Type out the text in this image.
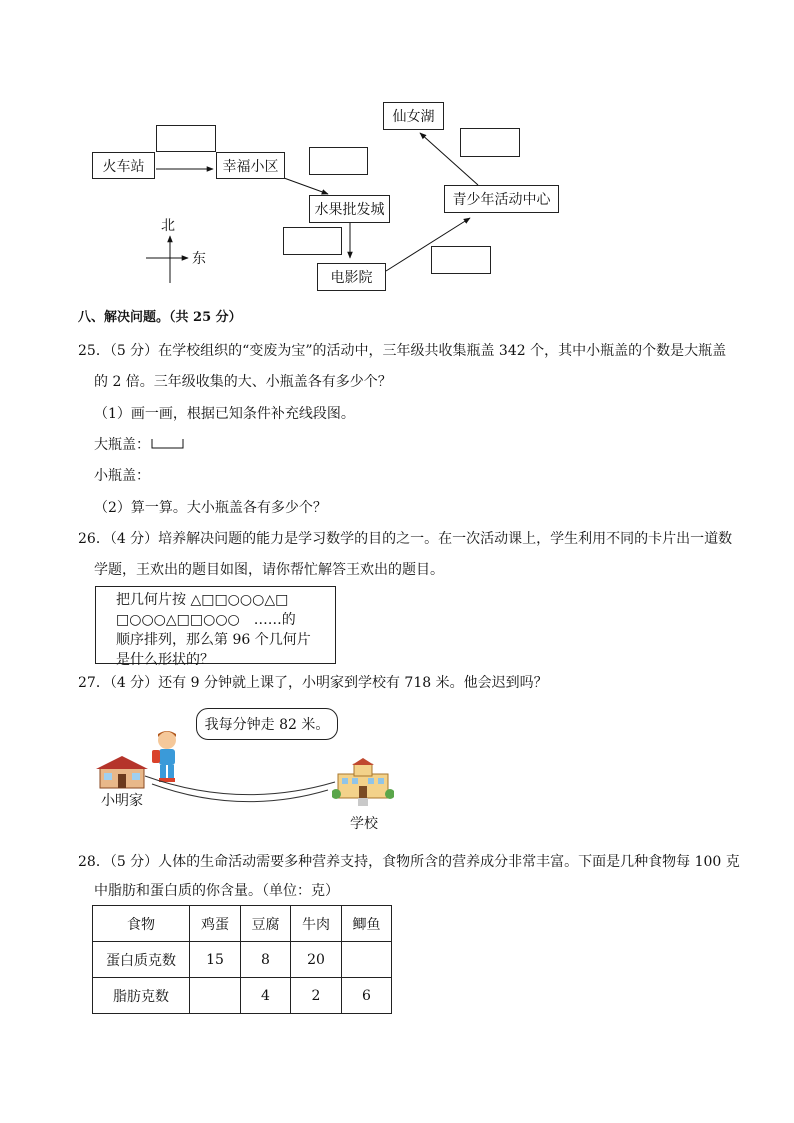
火车站	幸福小区
水果批发城
电影院
青少年活动中心
仙女湖
北
东
八、解决问题。（共 25 分）
25．（5 分）在学校组织的“变废为宝”的活动中，三年级共收集瓶盖 342 个，其中小瓶盖的个数是大瓶盖
的 2 倍。三年级收集的大、小瓶盖各有多少个？
（1）画一画，根据已知条件补充线段图。
大瓶盖：
小瓶盖：
（2）算一算。大小瓶盖各有多少个？
26．（4 分）培养解决问题的能力是学习数学的目的之一。在一次活动课上，学生利用不同的卡片出一道数
学题，王欢出的题目如图，请你帮忙解答王欢出的题目。
把几何片按 △□□○○○△□
□○○○△□□○○○　……的
顺序排列，那么第 96 个几何片
是什么形状的？
27．（4 分）还有 9 分钟就上课了，小明家到学校有 718 米。他会迟到吗？
我每分钟走 82 米。
小明家
学校
28．（5 分）人体的生命活动需要多种营养支持，食物所含的营养成分非常丰富。下面是几种食物每 100 克
中脂肪和蛋白质的你含量。（单位：克）
食物	鸡蛋	豆腐	牛肉	鲫鱼
蛋白质克数	15	8	20	
脂肪克数		4	2	6
